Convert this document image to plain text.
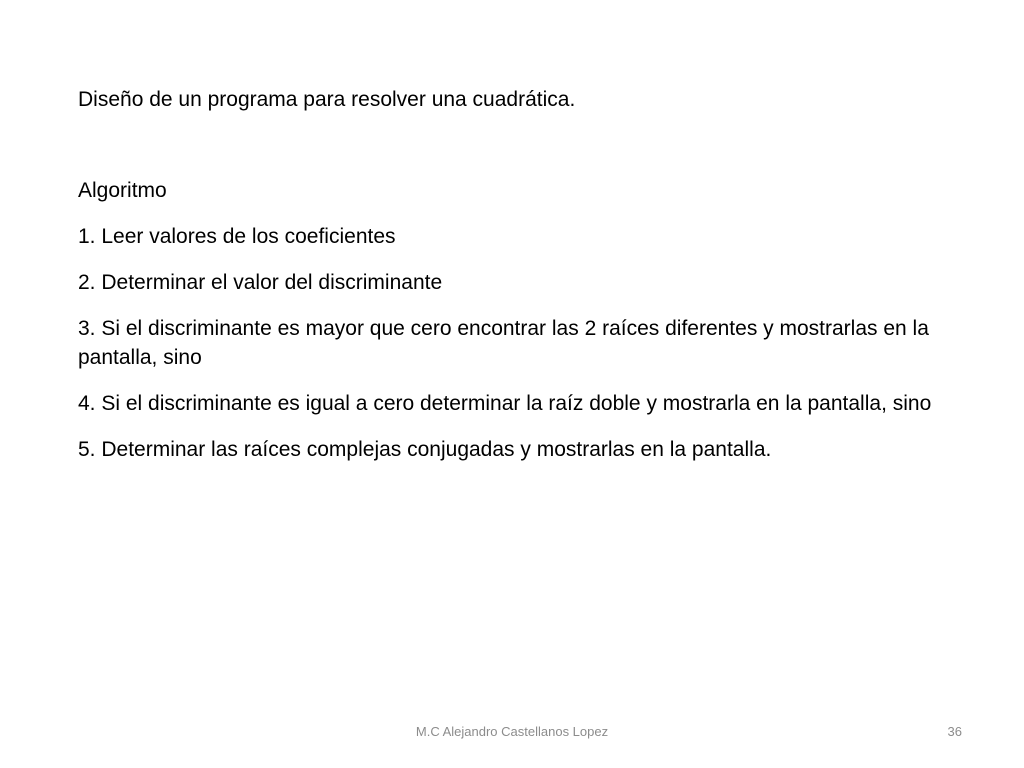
Diseño de un programa para resolver una cuadrática.

Algoritmo

1. Leer valores de los coeficientes

2. Determinar el valor del discriminante

3. Si el discriminante es mayor que cero encontrar las 2 raíces diferentes y mostrarlas en la pantalla, sino

4. Si el discriminante es igual a cero determinar la raíz doble y mostrarla en la pantalla, sino

5. Determinar las raíces complejas conjugadas y mostrarlas en la pantalla.

M.C Alejandro Castellanos Lopez	36
